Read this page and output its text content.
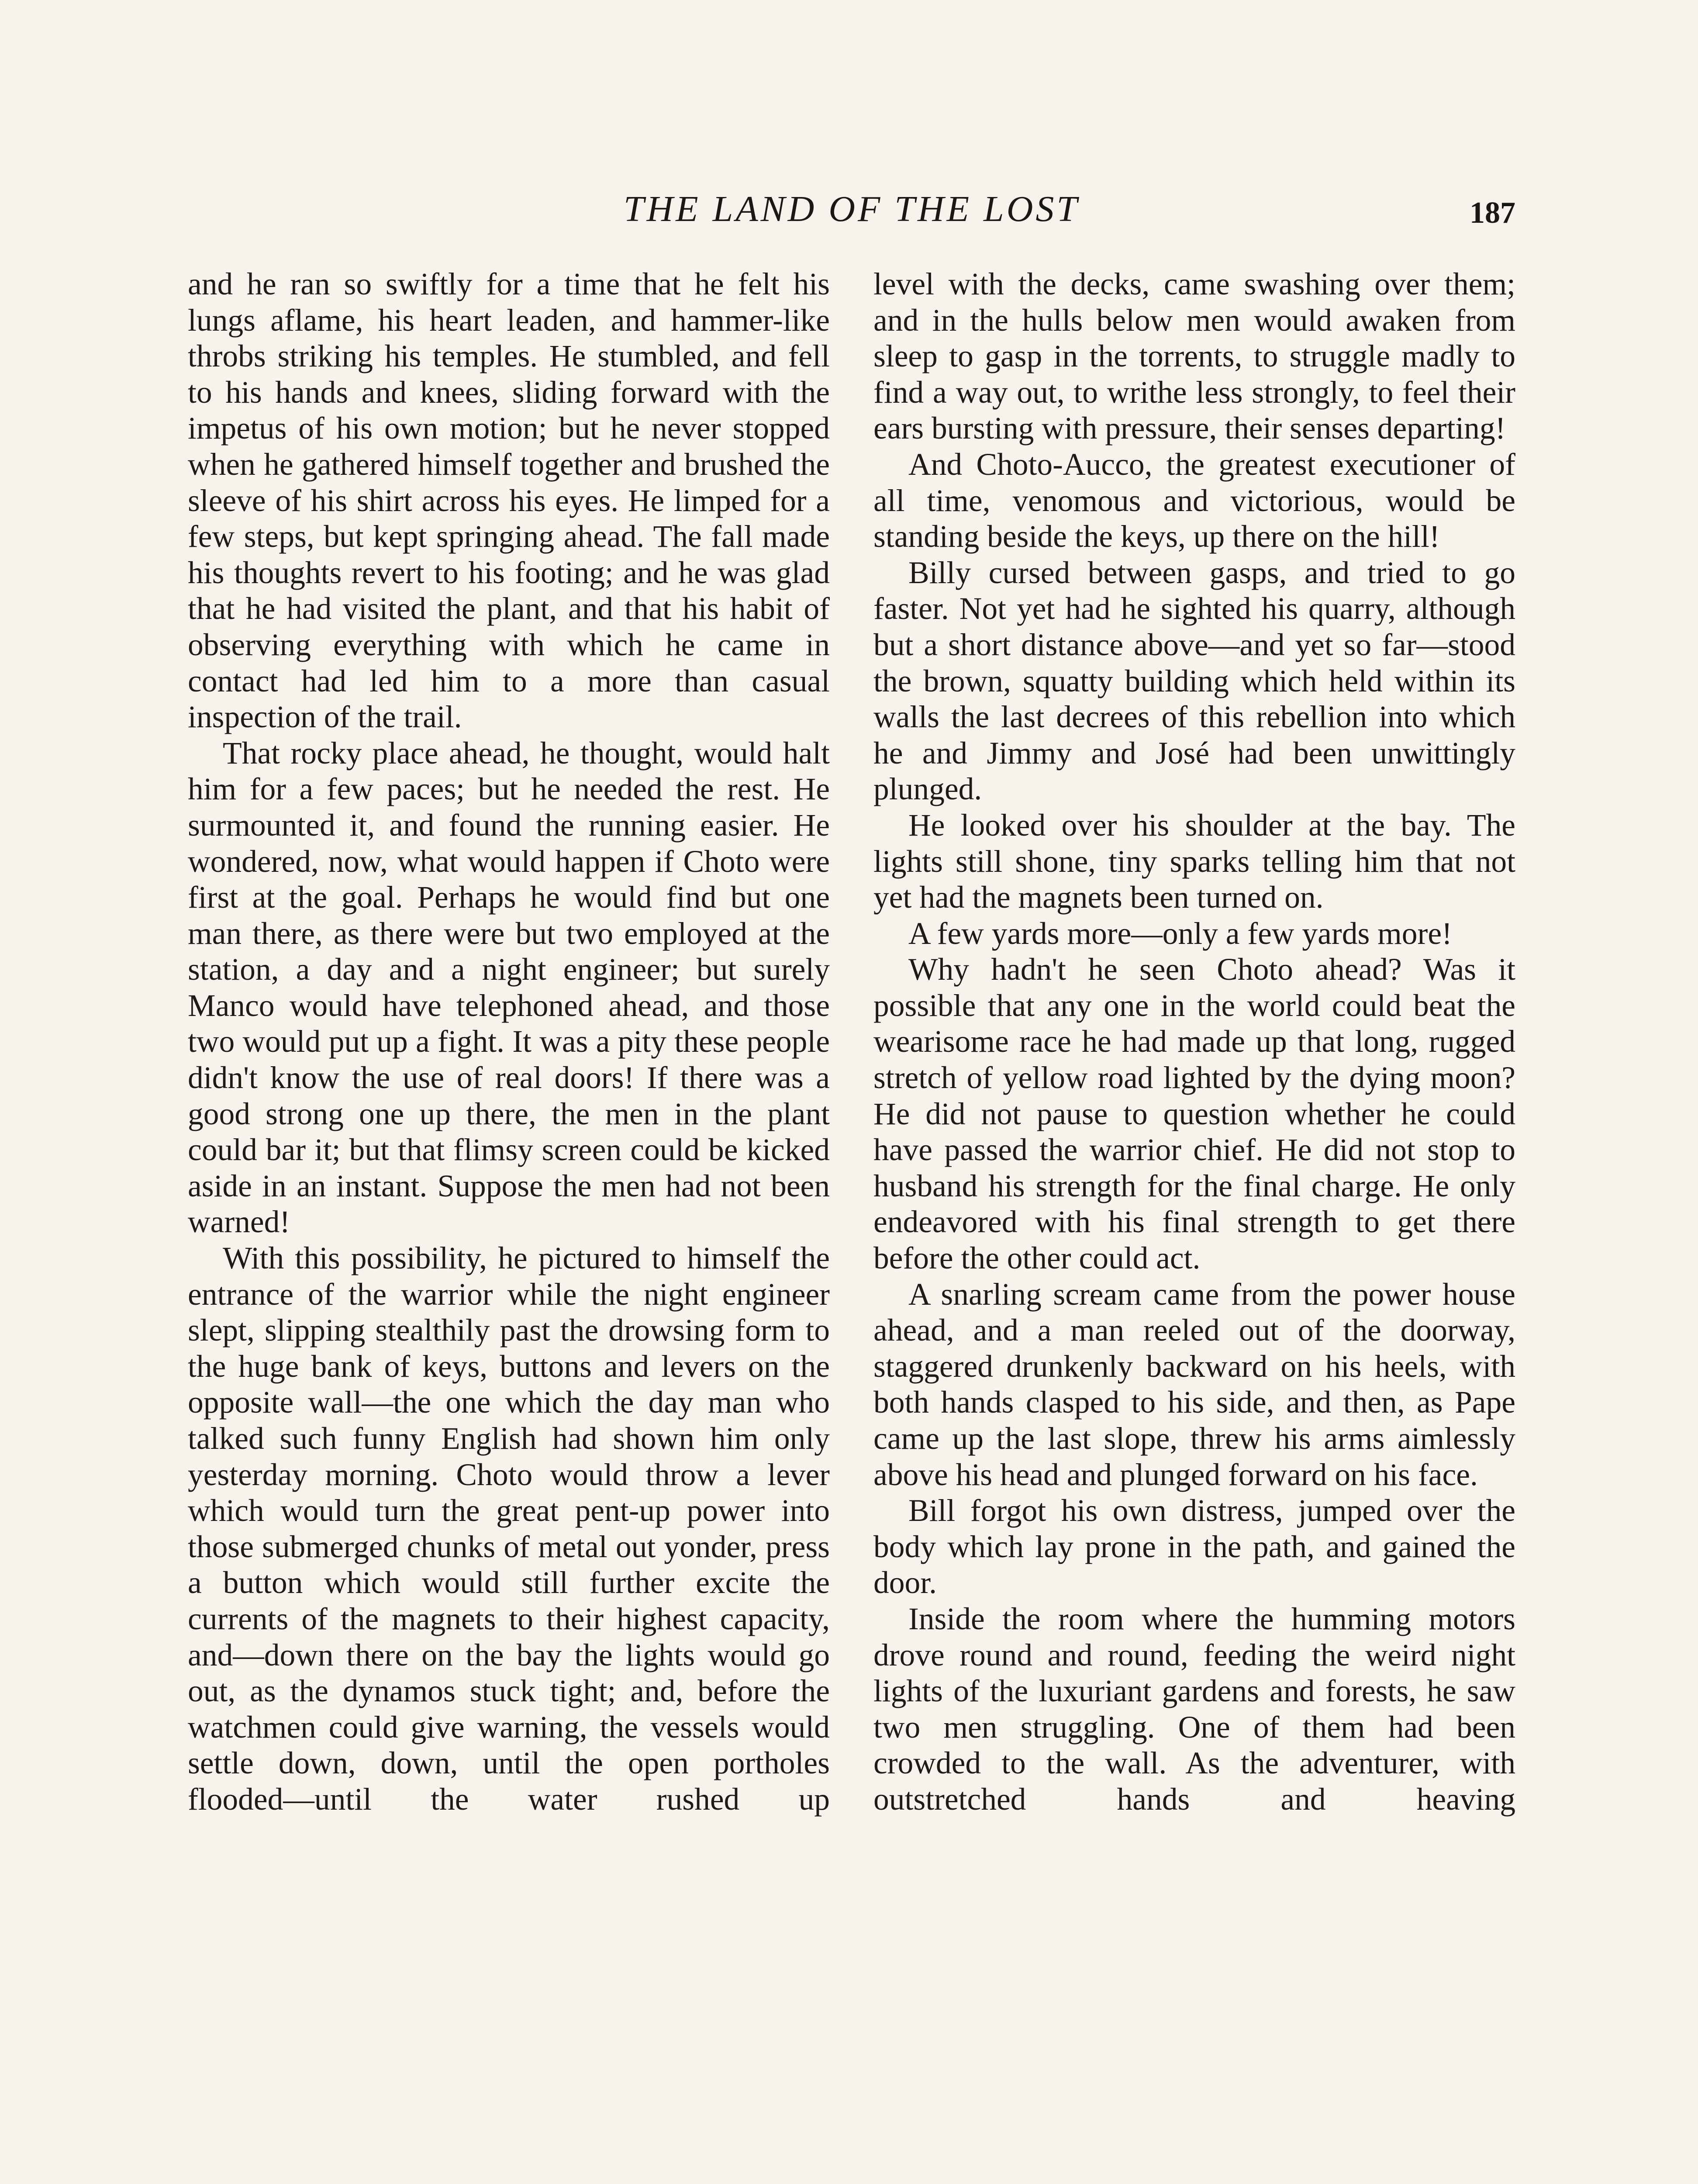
THE LAND OF THE LOST	187

and he ran so swiftly for a time that he felt his lungs aflame, his heart leaden, and hammer-like throbs striking his temples. He stumbled, and fell to his hands and knees, sliding forward with the impetus of his own motion; but he never stopped when he gathered himself together and brushed the sleeve of his shirt across his eyes. He limped for a few steps, but kept springing ahead. The fall made his thoughts revert to his footing; and he was glad that he had visited the plant, and that his habit of observing everything with which he came in contact had led him to a more than casual inspection of the trail.

That rocky place ahead, he thought, would halt him for a few paces; but he needed the rest. He surmounted it, and found the running easier. He wondered, now, what would happen if Choto were first at the goal. Perhaps he would find but one man there, as there were but two employed at the station, a day and a night engineer; but surely Manco would have telephoned ahead, and those two would put up a fight. It was a pity these people didn't know the use of real doors! If there was a good strong one up there, the men in the plant could bar it; but that flimsy screen could be kicked aside in an instant. Suppose the men had not been warned!

With this possibility, he pictured to himself the entrance of the warrior while the night engineer slept, slipping stealthily past the drowsing form to the huge bank of keys, buttons and levers on the opposite wall—the one which the day man who talked such funny English had shown him only yesterday morning. Choto would throw a lever which would turn the great pent-up power into those submerged chunks of metal out yonder, press a button which would still further excite the currents of the magnets to their highest capacity, and—down there on the bay the lights would go out, as the dynamos stuck tight; and, before the watchmen could give warning, the vessels would settle down, down, until the open portholes flooded—until the water rushed up

level with the decks, came swashing over them; and in the hulls below men would awaken from sleep to gasp in the torrents, to struggle madly to find a way out, to writhe less strongly, to feel their ears bursting with pressure, their senses departing!

And Choto-Aucco, the greatest executioner of all time, venomous and victorious, would be standing beside the keys, up there on the hill!

Billy cursed between gasps, and tried to go faster. Not yet had he sighted his quarry, although but a short distance above—and yet so far—stood the brown, squatty building which held within its walls the last decrees of this rebellion into which he and Jimmy and José had been unwittingly plunged.

He looked over his shoulder at the bay. The lights still shone, tiny sparks telling him that not yet had the magnets been turned on.

A few yards more—only a few yards more!

Why hadn't he seen Choto ahead? Was it possible that any one in the world could beat the wearisome race he had made up that long, rugged stretch of yellow road lighted by the dying moon? He did not pause to question whether he could have passed the warrior chief. He did not stop to husband his strength for the final charge. He only endeavored with his final strength to get there before the other could act.

A snarling scream came from the power house ahead, and a man reeled out of the doorway, staggered drunkenly backward on his heels, with both hands clasped to his side, and then, as Pape came up the last slope, threw his arms aimlessly above his head and plunged forward on his face.

Bill forgot his own distress, jumped over the body which lay prone in the path, and gained the door.

Inside the room where the humming motors drove round and round, feeding the weird night lights of the luxuriant gardens and forests, he saw two men struggling. One of them had been crowded to the wall. As the adventurer, with outstretched hands and heaving
